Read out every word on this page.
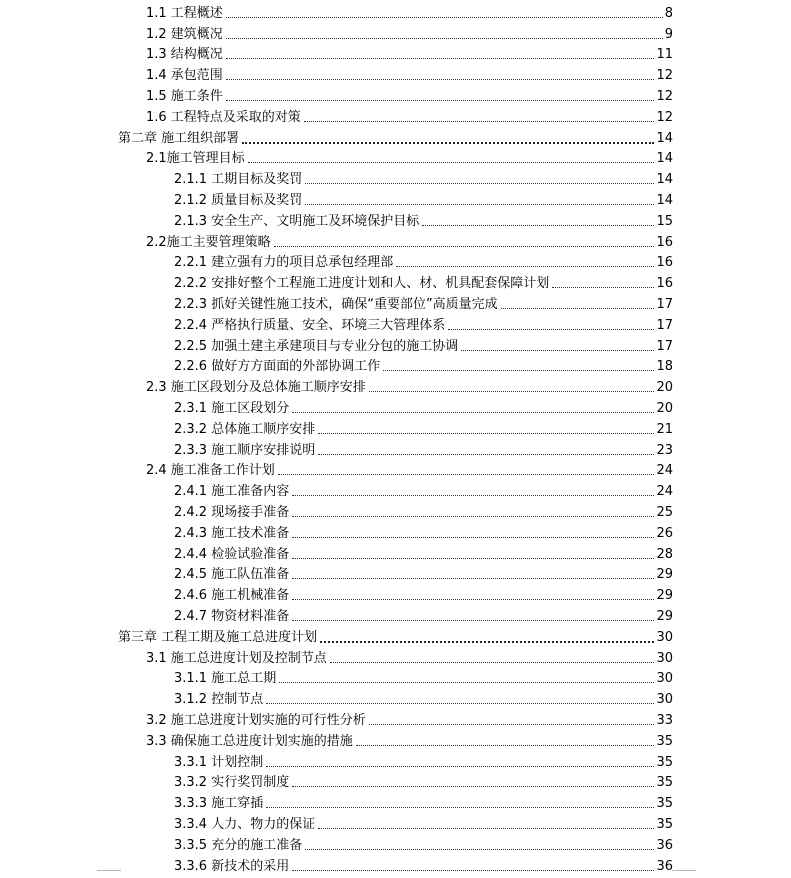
1.1 工程概述	8
1.2 建筑概况	9
1.3 结构概况	11
1.4 承包范围	12
1.5 施工条件	12
1.6 工程特点及采取的对策	12
第二章 施工组织部署	14
2.1施工管理目标	14
2.1.1 工期目标及奖罚	14
2.1.2 质量目标及奖罚	14
2.1.3 安全生产、文明施工及环境保护目标	15
2.2施工主要管理策略	16
2.2.1 建立强有力的项目总承包经理部	16
2.2.2 安排好整个工程施工进度计划和人、材、机具配套保障计划	16
2.2.3 抓好关键性施工技术，确保“重要部位”高质量完成	17
2.2.4 严格执行质量、安全、环境三大管理体系	17
2.2.5 加强土建主承建项目与专业分包的施工协调	17
2.2.6 做好方方面面的外部协调工作	18
2.3 施工区段划分及总体施工顺序安排	20
2.3.1 施工区段划分	20
2.3.2 总体施工顺序安排	21
2.3.3 施工顺序安排说明	23
2.4 施工准备工作计划	24
2.4.1 施工准备内容	24
2.4.2 现场接手准备	25
2.4.3 施工技术准备	26
2.4.4 检验试验准备	28
2.4.5 施工队伍准备	29
2.4.6 施工机械准备	29
2.4.7 物资材料准备	29
第三章 工程工期及施工总进度计划	30
3.1 施工总进度计划及控制节点	30
3.1.1 施工总工期	30
3.1.2 控制节点	30
3.2 施工总进度计划实施的可行性分析	33
3.3 确保施工总进度计划实施的措施	35
3.3.1 计划控制	35
3.3.2 实行奖罚制度	35
3.3.3 施工穿插	35
3.3.4 人力、物力的保证	35
3.3.5 充分的施工准备	36
3.3.6 新技术的采用	36
